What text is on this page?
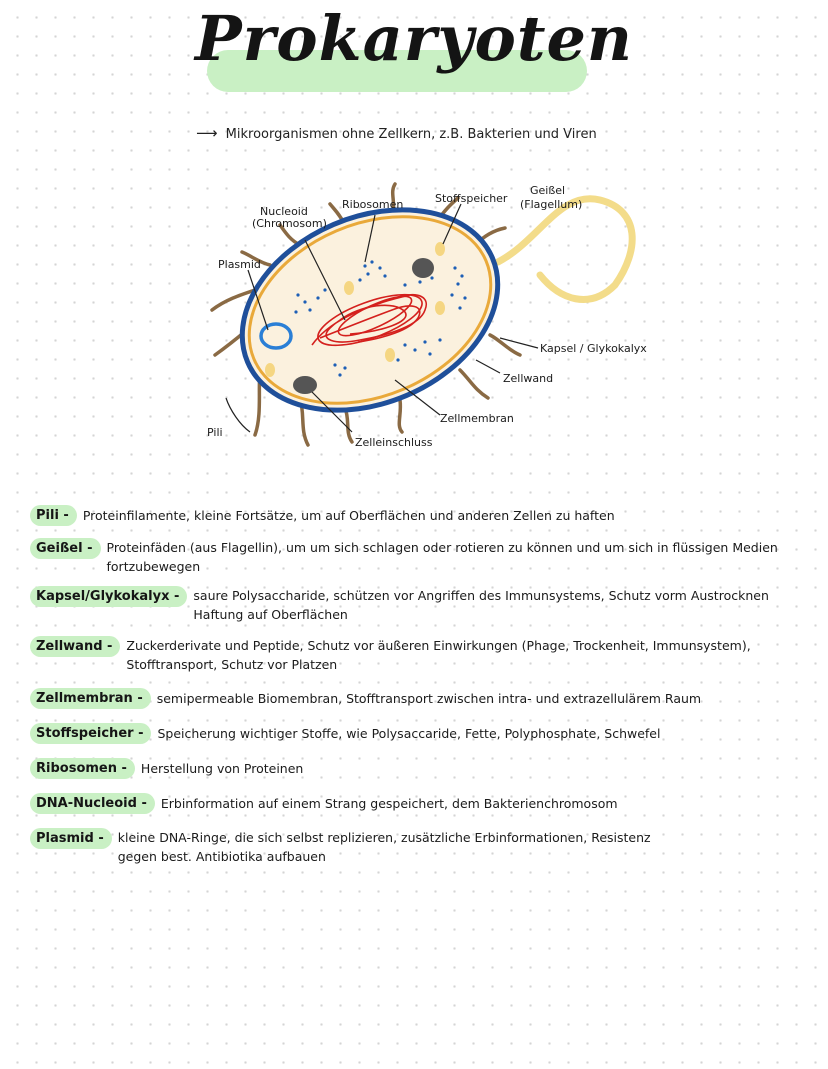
Prokaryoten
⟶ Mikroorganismen ohne Zellkern, z.B. Bakterien und Viren
Nucleoid
(Chromosom)
Ribosomen	Stoffspeicher
Geißel
(Flagellum)
Plasmid
Kapsel / Glykokalyx
Zellwand
Zellmembran
Zelleinschluss
Pili
Pili -Proteinfilamente, kleine Fortsätze, um auf Oberflächen und anderen Zellen zu haften
Geißel -Proteinfäden (aus Flagellin), um um sich schlagen oder rotieren zu können und um sich in flüssigen Medien
fortzubewegen
Kapsel/Glykokalyx -saure Polysaccharide, schützen vor Angriffen des Immunsystems, Schutz vorm Austrocknen
Haftung auf Oberflächen
Zellwand -Zuckerderivate und Peptide, Schutz vor äußeren Einwirkungen (Phage, Trockenheit, Immunsystem),
Stofftransport, Schutz vor Platzen
Zellmembran -semipermeable Biomembran, Stofftransport zwischen intra- und extrazellulärem Raum
Stoffspeicher -Speicherung wichtiger Stoffe, wie Polysaccaride, Fette, Polyphosphate, Schwefel
Ribosomen -Herstellung von Proteinen
DNA-Nucleoid -Erbinformation auf einem Strang gespeichert, dem Bakterienchromosom
Plasmid -kleine DNA-Ringe, die sich selbst replizieren, zusätzliche Erbinformationen, Resistenz
gegen best. Antibiotika aufbauen
